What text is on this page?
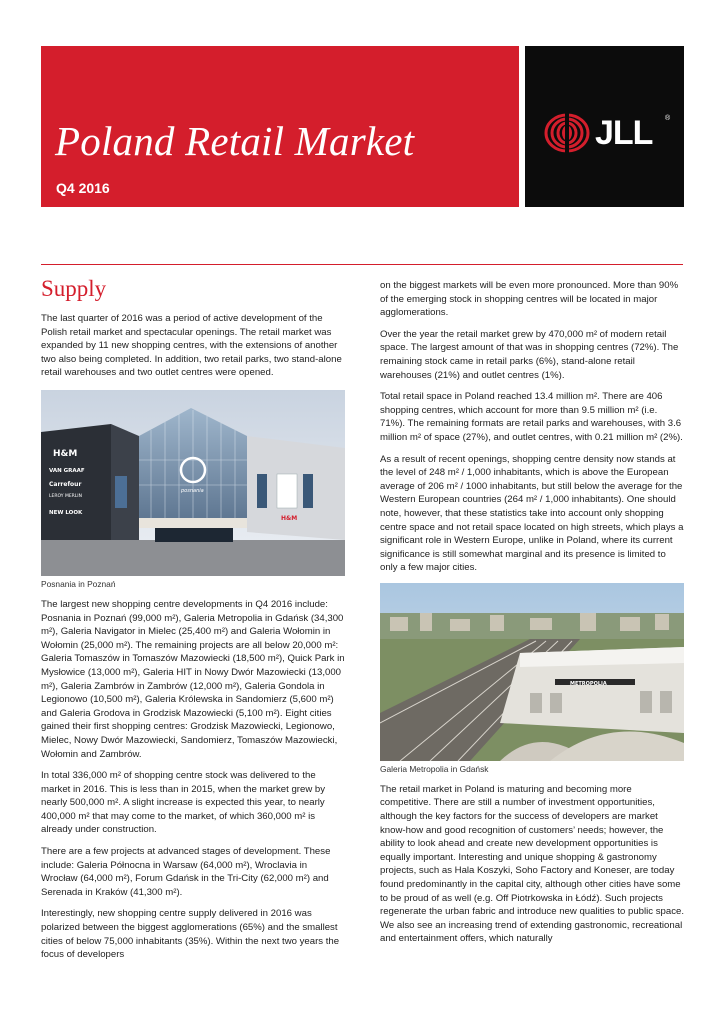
Poland Retail Market
Q4 2016
JLL ®
Supply

The last quarter of 2016 was a period of active development of the Polish retail market and spectacular openings. The retail market was expanded by 11 new shopping centres, with the extensions of another two also being completed. In addition, two retail parks, two stand-alone retail warehouses and two outlet centres were opened.

H&M
VAN GRAAF
Carrefour
LEROY MERLIN
NEW LOOK
posnania
H&M
Posnania in Poznań

The largest new shopping centre developments in Q4 2016 include: Posnania in Poznań (99,000 m²), Galeria Metropolia in Gdańsk (34,300 m²), Galeria Navigator in Mielec (25,400 m²) and Galeria Wołomin in Wołomin (25,000 m²). The remaining projects are all below 20,000 m²: Galeria Tomaszów in Tomaszów Mazowiecki (18,500 m²), Quick Park in Mysłowice (13,000 m²), Galeria HIT in Nowy Dwór Mazowiecki (13,000 m²), Galeria Zambrów in Zambrów (12,000 m²), Galeria Gondola in Legionowo (10,500 m²), Galeria Królewska in Sandomierz (5,600 m²) and Galeria Grodova in Grodzisk Mazowiecki (5,100 m²). Eight cities gained their first shopping centres: Grodzisk Mazowiecki, Legionowo, Mielec, Nowy Dwór Mazowiecki, Sandomierz, Tomaszów Mazowiecki, Wołomin and Zambrów.

In total 336,000 m² of shopping centre stock was delivered to the market in 2016. This is less than in 2015, when the market grew by nearly 500,000 m². A slight increase is expected this year, to nearly 400,000 m² that may come to the market, of which 360,000 m² is already under construction.

There are a few projects at advanced stages of development. These include: Galeria Północna in Warsaw (64,000 m²), Wroclavia in Wrocław (64,000 m²), Forum Gdańsk in the Tri-City (62,000 m²) and Serenada in Kraków (41,300 m²).

Interestingly, new shopping centre supply delivered in 2016 was polarized between the biggest agglomerations (65%) and the smallest cities of below 75,000 inhabitants (35%). Within the next two years the focus of developers

on the biggest markets will be even more pronounced. More than 90% of the emerging stock in shopping centres will be located in major agglomerations.

Over the year the retail market grew by 470,000 m² of modern retail space. The largest amount of that was in shopping centres (72%). The remaining stock came in retail parks (6%), stand-alone retail warehouses (21%) and outlet centres (1%).

Total retail space in Poland reached 13.4 million m². There are 406 shopping centres, which account for more than 9.5 million m² (i.e. 71%). The remaining formats are retail parks and warehouses, with 3.6 million m² of space (27%), and outlet centres, with 0.21 million m² (2%).

As a result of recent openings, shopping centre density now stands at the level of 248 m² / 1,000 inhabitants, which is above the European average of 206 m² / 1000 inhabitants, but still below the average for the Western European countries (264 m² / 1,000 inhabitants). One should note, however, that these statistics take into account only shopping centre space and not retail space located on high streets, which plays a significant role in Western Europe, unlike in Poland, where its current significance is still somewhat marginal and its presence is limited to only a few major cities.

METROPOLIA
Galeria Metropolia in Gdańsk

The retail market in Poland is maturing and becoming more competitive. There are still a number of investment opportunities, although the key factors for the success of developers are market know-how and good recognition of customers’ needs; however, the ability to look ahead and create new development opportunities is equally important. Interesting and unique shopping & gastronomy projects, such as Hala Koszyki, Soho Factory and Koneser, are today found predominantly in the capital city, although other cities have some to be proud of as well (e.g. Off Piotrkowska in Łódź). Such projects regenerate the urban fabric and introduce new qualities to public space. We also see an increasing trend of extending gastronomic, recreational and entertainment offers, which naturally
